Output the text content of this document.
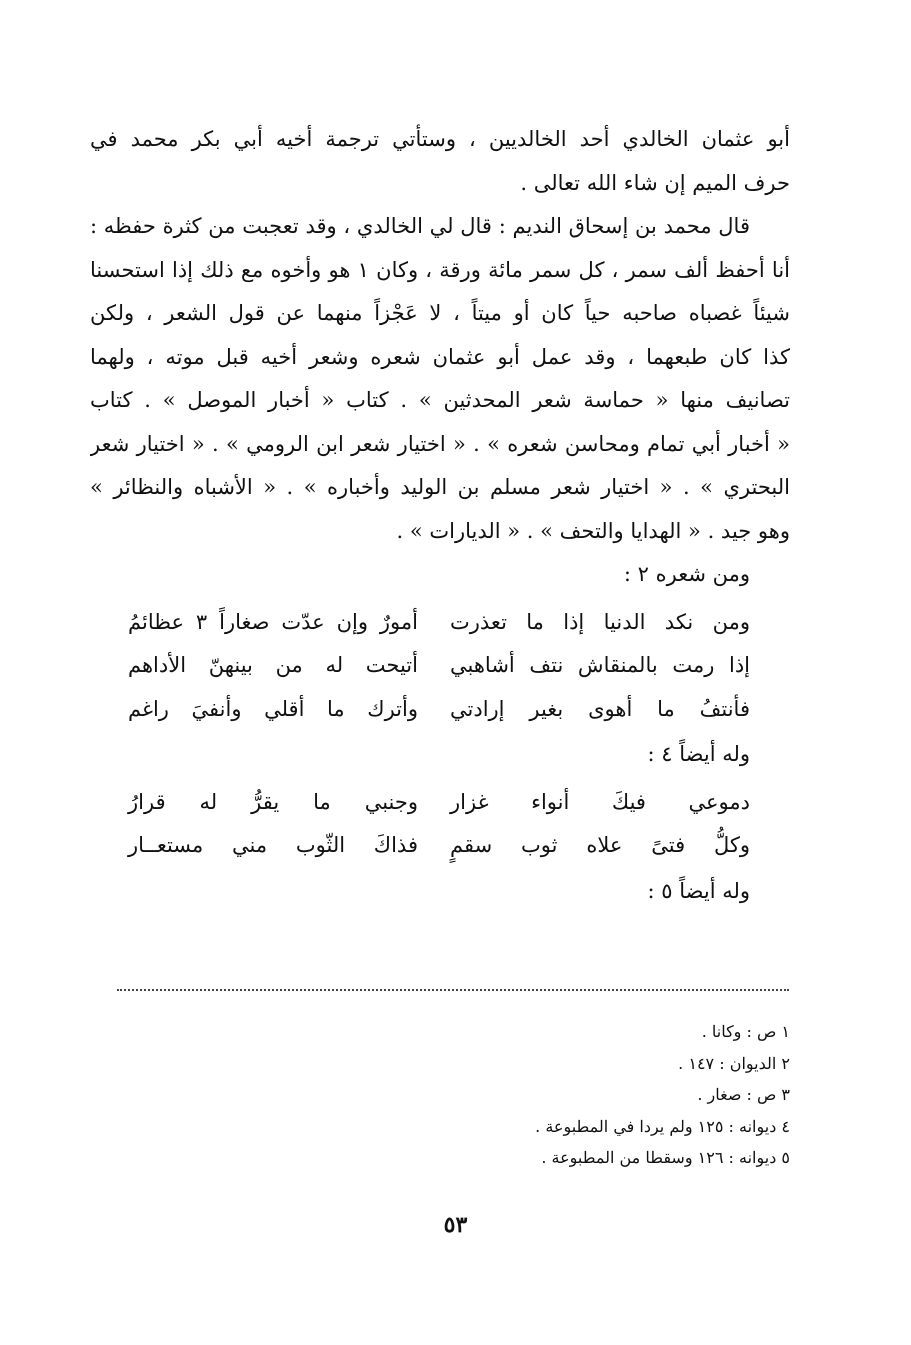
أبو عثمان الخالدي أحد الخالديين ، وستأتي ترجمة أخيه أبي بكر محمد في
حرف الميم إن شاء الله تعالى .
قال محمد بن إسحاق النديم : قال لي الخالدي ، وقد تعجبت من كثرة حفظه :
أنا أحفظ ألف سمر ، كل سمر مائة ورقة ، وكان ١ هو وأخوه مع ذلك إذا استحسنا
شيئاً غصباه صاحبه حياً كان أو ميتاً ، لا عَجْزاً منهما عن قول الشعر ، ولكن
كذا كان طبعهما ، وقد عمل أبو عثمان شعره وشعر أخيه قبل موته ، ولهما
تصانيف منها « حماسة شعر المحدثين » . كتاب « أخبار الموصل » . كتاب
« أخبار أبي تمام ومحاسن شعره » . « اختيار شعر ابن الرومي » . « اختيار شعر
البحتري » . « اختيار شعر مسلم بن الوليد وأخباره » . « الأشباه والنظائر »
وهو جيد . « الهدايا والتحف » . « الديارات » .
ومن شعره ٢ :
ومن نكد الدنيا إذا ما تعذرت
أمورٌ وإن عدّت صغاراً ٣ عظائمُ
إذا رمت بالمنقاش نتف أشاهبي
أتيحت له من بينهنّ الأداهم
فأنتفُ ما أهوى بغير إرادتي
وأترك ما أقلي وأنفيَ راغم
وله أيضاً ٤ :
دموعي فيكَ أنواء غزار
وجنبي ما يقرُّ له قرارُ
وكلُّ فتىً علاه ثوب سقمٍ
فذاكَ الثّوب مني مستعــار
وله أيضاً ٥ :
١ ص : وكانا .
٢ الديوان : ١٤٧ .
٣ ص : صغار .
٤ ديوانه : ١٢٥ ولم يردا في المطبوعة .
٥ ديوانه : ١٢٦ وسقطا من المطبوعة .
٥٣
